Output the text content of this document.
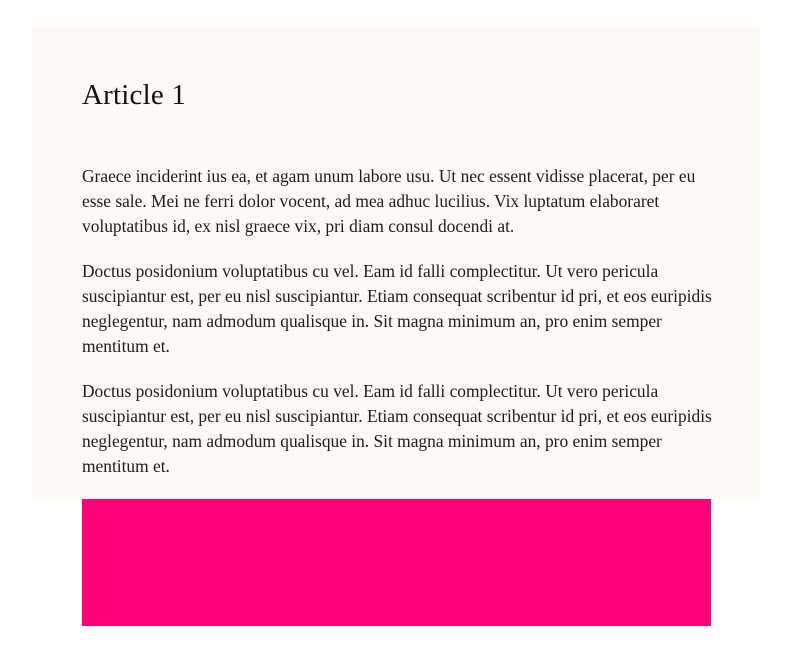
Article 1

Graece inciderint ius ea, et agam unum labore usu. Ut nec essent vidisse placerat, per eu esse sale. Mei ne ferri dolor vocent, ad mea adhuc lucilius. Vix luptatum elaboraret voluptatibus id, ex nisl graece vix, pri diam consul docendi at.

Doctus posidonium voluptatibus cu vel. Eam id falli complectitur. Ut vero pericula suscipiantur est, per eu nisl suscipiantur. Etiam consequat scribentur id pri, et eos euripidis neglegentur, nam admodum qualisque in. Sit magna minimum an, pro enim semper mentitum et.

Doctus posidonium voluptatibus cu vel. Eam id falli complectitur. Ut vero pericula suscipiantur est, per eu nisl suscipiantur. Etiam consequat scribentur id pri, et eos euripidis neglegentur, nam admodum qualisque in. Sit magna minimum an, pro enim semper mentitum et.
